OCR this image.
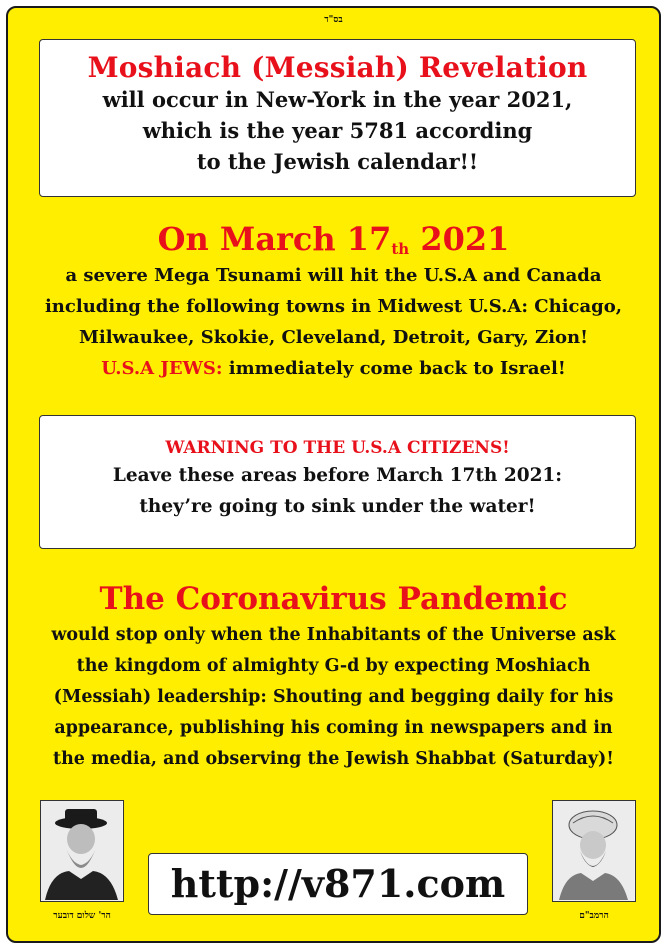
בס"ד
Moshiach (Messiah) Revelation
will occur in New-York in the year 2021,
which is the year 5781 according
to the Jewish calendar!!
On March $17_{th}$ 2021
a severe Mega Tsunami will hit the U.S.A and Canada
including the following towns in Midwest U.S.A: Chicago,
Milwaukee, Skokie, Cleveland, Detroit, Gary, Zion!
U.S.A JEWS: immediately come back to Israel!
WARNING TO THE U.S.A CITIZENS!
Leave these areas before March 17th 2021:
they’re going to sink under the water!
The Coronavirus Pandemic
would stop only when the Inhabitants of the Universe ask
the kingdom of almighty G-d by expecting Moshiach
(Messiah) leadership: Shouting and begging daily for his
appearance, publishing his coming in newspapers and in
the media, and observing the Jewish Shabbat (Saturday)!
הר' שלום דובער
http://v871.com
הרמב"ם
